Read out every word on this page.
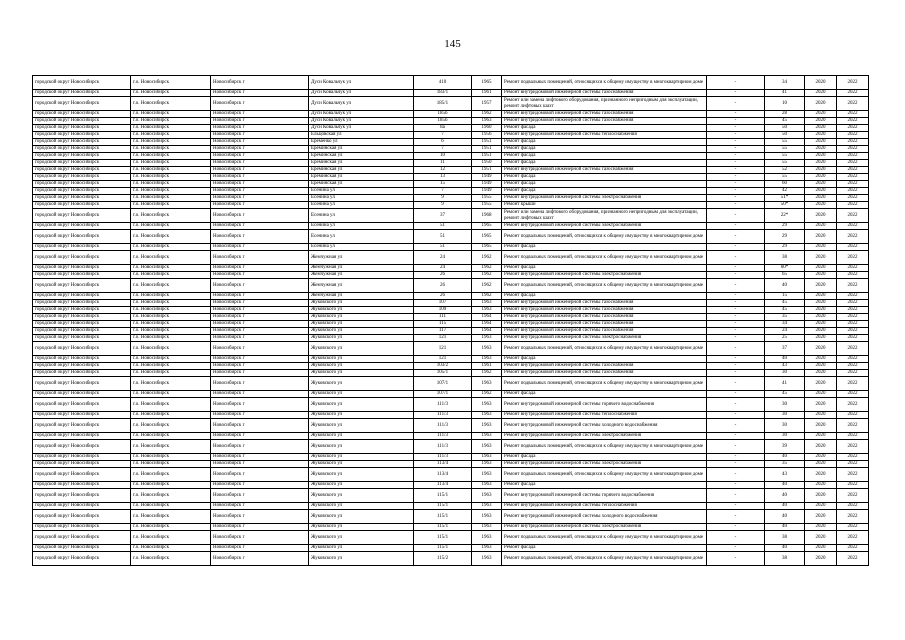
145
городской округ Новосибирск	г.о. Новосибирск	Новосибирск г	Дуси Ковальчук ул	410	1965	Ремонт подвальных помещений, относящихся к общему имуществу в многоквартирном доме	-	34	2020	2022
городской округ Новосибирск	г.о. Новосибирск	Новосибирск г	Дуси Ковальчук ул	183/1	1961	Ремонт внутридомовой инженерной системы газоснабжения	-	41	2020	2022
городской округ Новосибирск	г.о. Новосибирск	Новосибирск г	Дуси Ковальчук ул	185/1	1957	Ремонт или замена лифтового оборудования, признанного непригодным для эксплуатации, ремонт лифтовых шахт	-	10	2020	2022
городской округ Новосибирск	г.о. Новосибирск	Новосибирск г	Дуси Ковальчук ул	185б	1962	Ремонт внутридомовой инженерной системы газоснабжения	-	28	2020	2022
городской округ Новосибирск	г.о. Новосибирск	Новосибирск г	Дуси Ковальчук ул	185б	1963	Ремонт внутридомовой инженерной системы газоснабжения	-	45	2020	2022
городской округ Новосибирск	г.о. Новосибирск	Новосибирск г	Дуси Ковальчук ул	8а	1960	Ремонт фасада	-	50	2020	2022
городской округ Новосибирск	г.о. Новосибирск	Новосибирск г	Ельцовская ул	7	1956	Ремонт внутридомовой инженерной системы теплоснабжения	-	50	2020	2022
городской округ Новосибирск	г.о. Новосибирск	Новосибирск г	Ерёменко ул	6	1951	Ремонт фасада	-	55	2020	2022
городской округ Новосибирск	г.о. Новосибирск	Новосибирск г	Ереминская ул	7	1951	Ремонт фасада	-	55	2020	2022
городской округ Новосибирск	г.о. Новосибирск	Новосибирск г	Ереминская ул	10	1951	Ремонт фасада	-	55	2020	2022
городской округ Новосибирск	г.о. Новосибирск	Новосибирск г	Ереминская ул	11	1950	Ремонт фасада	-	55	2020	2022
городской округ Новосибирск	г.о. Новосибирск	Новосибирск г	Ереминская ул	12	1951	Ремонт внутридомовой инженерной системы газоснабжения	-	52	2020	2022
городской округ Новосибирск	г.о. Новосибирск	Новосибирск г	Ереминская ул	13	1949	Ремонт фасада	-	55	2020	2022
городской округ Новосибирск	г.о. Новосибирск	Новосибирск г	Ереминская ул	15	1949	Ремонт фасада	-	60	2020	2022
городской округ Новосибирск	г.о. Новосибирск	Новосибирск г	Есенина ул	7	1949	Ремонт фасада	-	42	2020	2022
городской округ Новосибирск	г.о. Новосибирск	Новосибирск г	Есенина ул	9	1955	Ремонт внутридомовой инженерной системы электроснабжения	-	51*	2020	2022
городской округ Новосибирск	г.о. Новосибирск	Новосибирск г	Есенина ул	9	1955	Ремонт крыши	-	50*	2020	2022
городской округ Новосибирск	г.о. Новосибирск	Новосибирск г	Есенина ул	37	1968	Ремонт или замена лифтового оборудования, признанного непригодным для эксплуатации, ремонт лифтовых шахт	-	22*	2020	2022
городской округ Новосибирск	г.о. Новосибирск	Новосибирск г	Есенина ул	51	1965	Ремонт внутридомовой инженерной системы электроснабжения	-	29	2020	2022
городской округ Новосибирск	г.о. Новосибирск	Новосибирск г	Есенина ул	51	1965	Ремонт подвальных помещений, относящихся к общему имуществу в многоквартирном доме	-	29	2020	2022
городской округ Новосибирск	г.о. Новосибирск	Новосибирск г	Есенина ул	51	1965	Ремонт фасада	-	29	2020	2022
городской округ Новосибирск	г.о. Новосибирск	Новосибирск г	Жемчужная ул	24	1962	Ремонт подвальных помещений, относящихся к общему имуществу в многоквартирном доме	-	38	2020	2022
городской округ Новосибирск	г.о. Новосибирск	Новосибирск г	Жемчужная ул	24	1962	Ремонт фасада	-	60*	2020	2022
городской округ Новосибирск	г.о. Новосибирск	Новосибирск г	Жемчужная ул	26	1962	Ремонт внутридомовой инженерной системы электроснабжения	-	65	2020	2022
городской округ Новосибирск	г.о. Новосибирск	Новосибирск г	Жемчужная ул	26	1962	Ремонт подвальных помещений, относящихся к общему имуществу в многоквартирном доме	-	40	2020	2022
городской округ Новосибирск	г.о. Новосибирск	Новосибирск г	Жемчужная ул	26	1962	Ремонт фасада	-	15	2020	2022
городской округ Новосибирск	г.о. Новосибирск	Новосибирск г	Жуковского ул	107	1963	Ремонт внутридомовой инженерной системы газоснабжения	-	45	2020	2022
городской округ Новосибирск	г.о. Новосибирск	Новосибирск г	Жуковского ул	109	1963	Ремонт внутридомовой инженерной системы газоснабжения	-	45	2020	2022
городской округ Новосибирск	г.о. Новосибирск	Новосибирск г	Жуковского ул	111	1964	Ремонт внутридомовой инженерной системы газоснабжения	-	35	2020	2022
городской округ Новосибирск	г.о. Новосибирск	Новосибирск г	Жуковского ул	115	1964	Ремонт внутридомовой инженерной системы газоснабжения	-	34	2020	2022
городской округ Новосибирск	г.о. Новосибирск	Новосибирск г	Жуковского ул	117	1964	Ремонт внутридомовой инженерной системы газоснабжения	-	24	2020	2022
городской округ Новосибирск	г.о. Новосибирск	Новосибирск г	Жуковского ул	121	1963	Ремонт внутридомовой инженерной системы электроснабжения	-	25	2020	2022
городской округ Новосибирск	г.о. Новосибирск	Новосибирск г	Жуковского ул	121	1963	Ремонт подвальных помещений, относящихся к общему имуществу в многоквартирном доме	-	37	2020	2022
городской округ Новосибирск	г.о. Новосибирск	Новосибирск г	Жуковского ул	121	1963	Ремонт фасада	-	40	2020	2022
городской округ Новосибирск	г.о. Новосибирск	Новосибирск г	Жуковского ул	103/2	1961	Ремонт внутридомовой инженерной системы газоснабжения	-	43	2020	2022
городской округ Новосибирск	г.о. Новосибирск	Новосибирск г	Жуковского ул	105/1	1962	Ремонт внутридомовой инженерной системы газоснабжения	-	30	2020	2022
городской округ Новосибирск	г.о. Новосибирск	Новосибирск г	Жуковского ул	107/1	1963	Ремонт подвальных помещений, относящихся к общему имуществу в многоквартирном доме	-	41	2020	2022
городской округ Новосибирск	г.о. Новосибирск	Новосибирск г	Жуковского ул	107/1	1962	Ремонт фасада	-	45	2020	2022
городской округ Новосибирск	г.о. Новосибирск	Новосибирск г	Жуковского ул	111/3	1963	Ремонт внутридомовой инженерной системы горячего водоснабжения	-	30	2020	2022
городской округ Новосибирск	г.о. Новосибирск	Новосибирск г	Жуковского ул	111/3	1963	Ремонт внутридомовой инженерной системы теплоснабжения	-	30	2020	2022
городской округ Новосибирск	г.о. Новосибирск	Новосибирск г	Жуковского ул	111/3	1963	Ремонт внутридомовой инженерной системы холодного водоснабжения	-	30	2020	2022
городской округ Новосибирск	г.о. Новосибирск	Новосибирск г	Жуковского ул	111/3	1963	Ремонт внутридомовой инженерной системы электроснабжения	-	30	2020	2022
городской округ Новосибирск	г.о. Новосибирск	Новосибирск г	Жуковского ул	111/3	1963	Ремонт подвальных помещений, относящихся к общему имуществу в многоквартирном доме	-	39	2020	2022
городской округ Новосибирск	г.о. Новосибирск	Новосибирск г	Жуковского ул	111/3	1963	Ремонт фасада	-	40	2020	2022
городской округ Новосибирск	г.о. Новосибирск	Новосибирск г	Жуковского ул	113/4	1963	Ремонт внутридомовой инженерной системы электроснабжения	-	35	2020	2022
городской округ Новосибирск	г.о. Новосибирск	Новосибирск г	Жуковского ул	113/4	1963	Ремонт подвальных помещений, относящихся к общему имуществу в многоквартирном доме	-	43	2020	2022
городской округ Новосибирск	г.о. Новосибирск	Новосибирск г	Жуковского ул	113/4	1963	Ремонт фасада	-	40	2020	2022
городской округ Новосибирск	г.о. Новосибирск	Новосибирск г	Жуковского ул	115/1	1963	Ремонт внутридомовой инженерной системы горячего водоснабжения	-	40	2020	2022
городской округ Новосибирск	г.о. Новосибирск	Новосибирск г	Жуковского ул	115/1	1963	Ремонт внутридомовой инженерной системы теплоснабжения	-	40	2020	2022
городской округ Новосибирск	г.о. Новосибирск	Новосибирск г	Жуковского ул	115/1	1963	Ремонт внутридомовой инженерной системы холодного водоснабжения	-	40	2020	2022
городской округ Новосибирск	г.о. Новосибирск	Новосибирск г	Жуковского ул	115/1	1963	Ремонт внутридомовой инженерной системы электроснабжения	-	40	2020	2022
городской округ Новосибирск	г.о. Новосибирск	Новосибирск г	Жуковского ул	115/1	1963	Ремонт подвальных помещений, относящихся к общему имуществу в многоквартирном доме	-	38	2020	2022
городской округ Новосибирск	г.о. Новосибирск	Новосибирск г	Жуковского ул	115/1	1963	Ремонт фасада	-	40	2020	2022
городской округ Новосибирск	г.о. Новосибирск	Новосибирск г	Жуковского ул	115/2	1963	Ремонт подвальных помещений, относящихся к общему имуществу в многоквартирном доме	-	38	2020	2022
